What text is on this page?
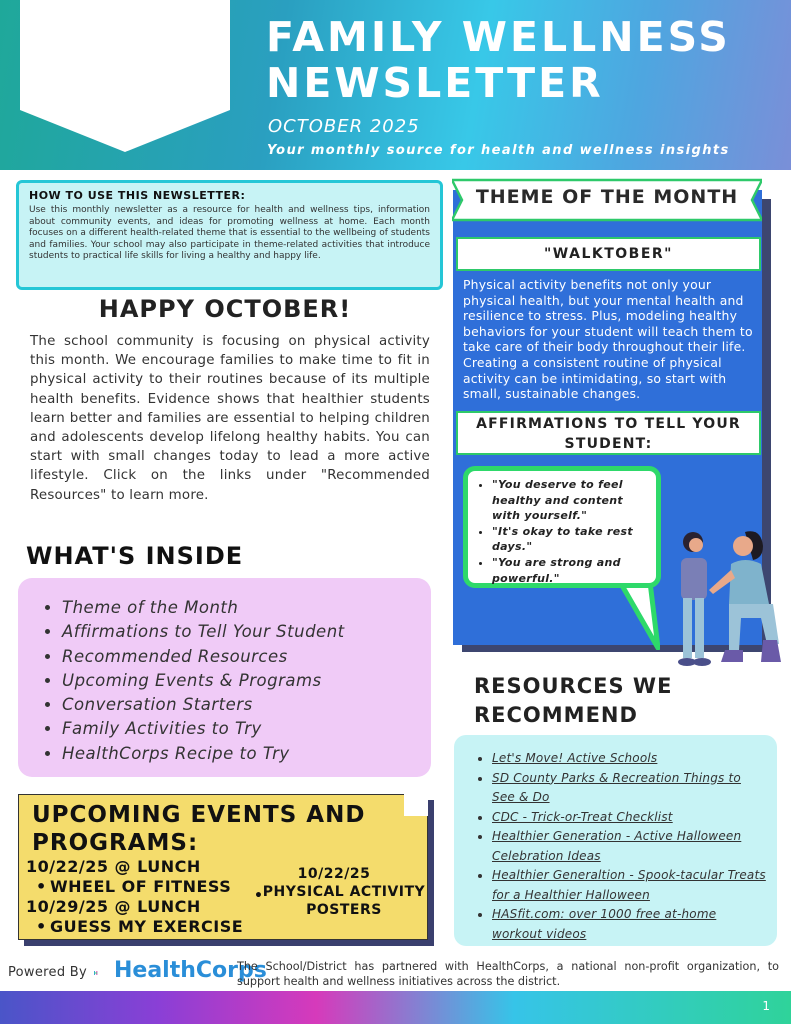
FAMILY WELLNESS NEWSLETTER
OCTOBER 2025
Your monthly source for health and wellness insights
HOW TO USE THIS NEWSLETTER:
Use this monthly newsletter as a resource for health and wellness tips, information about community events, and ideas for promoting wellness at home. Each month focuses on a different health-related theme that is essential to the wellbeing of students and families. Your school may also participate in theme-related activities that introduce students to practical life skills for living a healthy and happy life.
HAPPY OCTOBER!
The school community is focusing on physical activity this month. We encourage families to make time to fit in physical activity to their routines because of its multiple health benefits. Evidence shows that healthier students learn better and families are essential to helping children and adolescents develop lifelong healthy habits. You can start with small changes today to lead a more active lifestyle. Click on the links under "Recommended Resources" to learn more.
WHAT'S INSIDE
• Theme of the Month
• Affirmations to Tell Your Student
• Recommended Resources
• Upcoming Events & Programs
• Conversation Starters
• Family Activities to Try
• HealthCorps Recipe to Try
UPCOMING EVENTS AND PROGRAMS:
10/22/25 @ LUNCH
• WHEEL OF FITNESS
10/29/25 @ LUNCH
• GUESS MY EXERCISE
•
10/22/25
PHYSICAL ACTIVITY POSTERS
THEME OF THE MONTH
"WALKTOBER"
Physical activity benefits not only your physical health, but your mental health and resilience to stress. Plus, modeling healthy behaviors for your student will teach them to take care of their body throughout their life. Creating a consistent routine of physical activity can be intimidating, so start with small, sustainable changes.
AFFIRMATIONS TO TELL YOUR STUDENT:
• "You deserve to feel healthy and content with yourself."
• "It's okay to take rest days."
• "You are strong and powerful."
RESOURCES WE RECOMMEND
• Let's Move! Active Schools
• SD County Parks & Recreation Things to See & Do
• CDC - Trick-or-Treat Checklist
• Healthier Generation - Active Halloween Celebration Ideas
• Healthier Generaltion - Spook-tacular Treats for a Healthier Halloween
• HASfit.com: over 1000 free at-home workout videos
Powered By HealthCorps
The School/District has partnered with HealthCorps, a national non-profit organization, to support health and wellness initiatives across the district.
1
